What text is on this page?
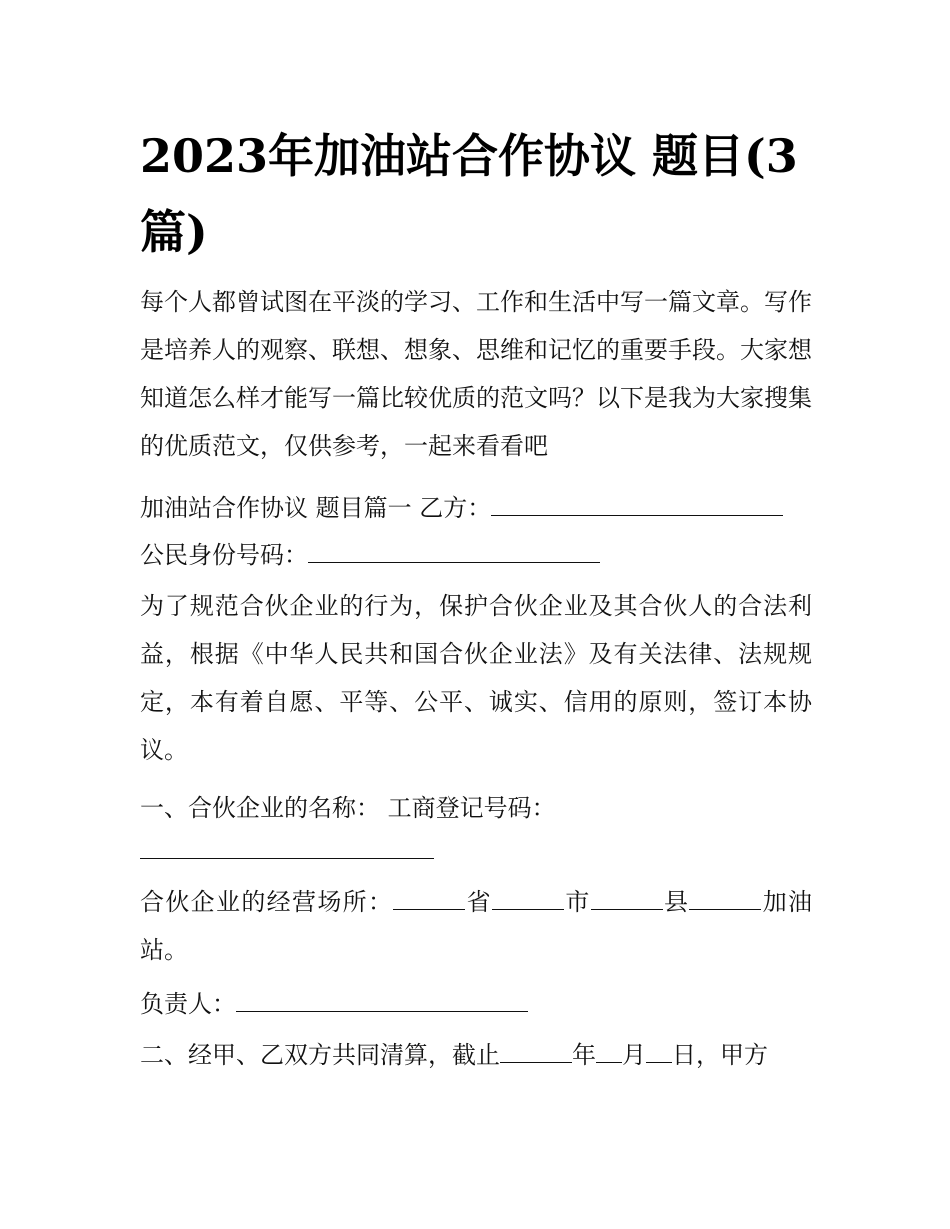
2023年加油站合作协议 题目(3篇)

每个人都曾试图在平淡的学习、工作和生活中写一篇文章。写作是培养人的观察、联想、想象、思维和记忆的重要手段。大家想知道怎么样才能写一篇比较优质的范文吗？以下是我为大家搜集的优质范文，仅供参考，一起来看看吧

加油站合作协议 题目篇一 乙方：

公民身份号码：

为了规范合伙企业的行为，保护合伙企业及其合伙人的合法利益，根据《中华人民共和国合伙企业法》及有关法律、法规规定，本有着自愿、平等、公平、诚实、信用的原则，签订本协议。

一、合伙企业的名称： 工商登记号码：

合伙企业的经营场所：	省	市	县	加油站。

负责人：

二、经甲、乙双方共同清算，截止	年 月 日，甲方
